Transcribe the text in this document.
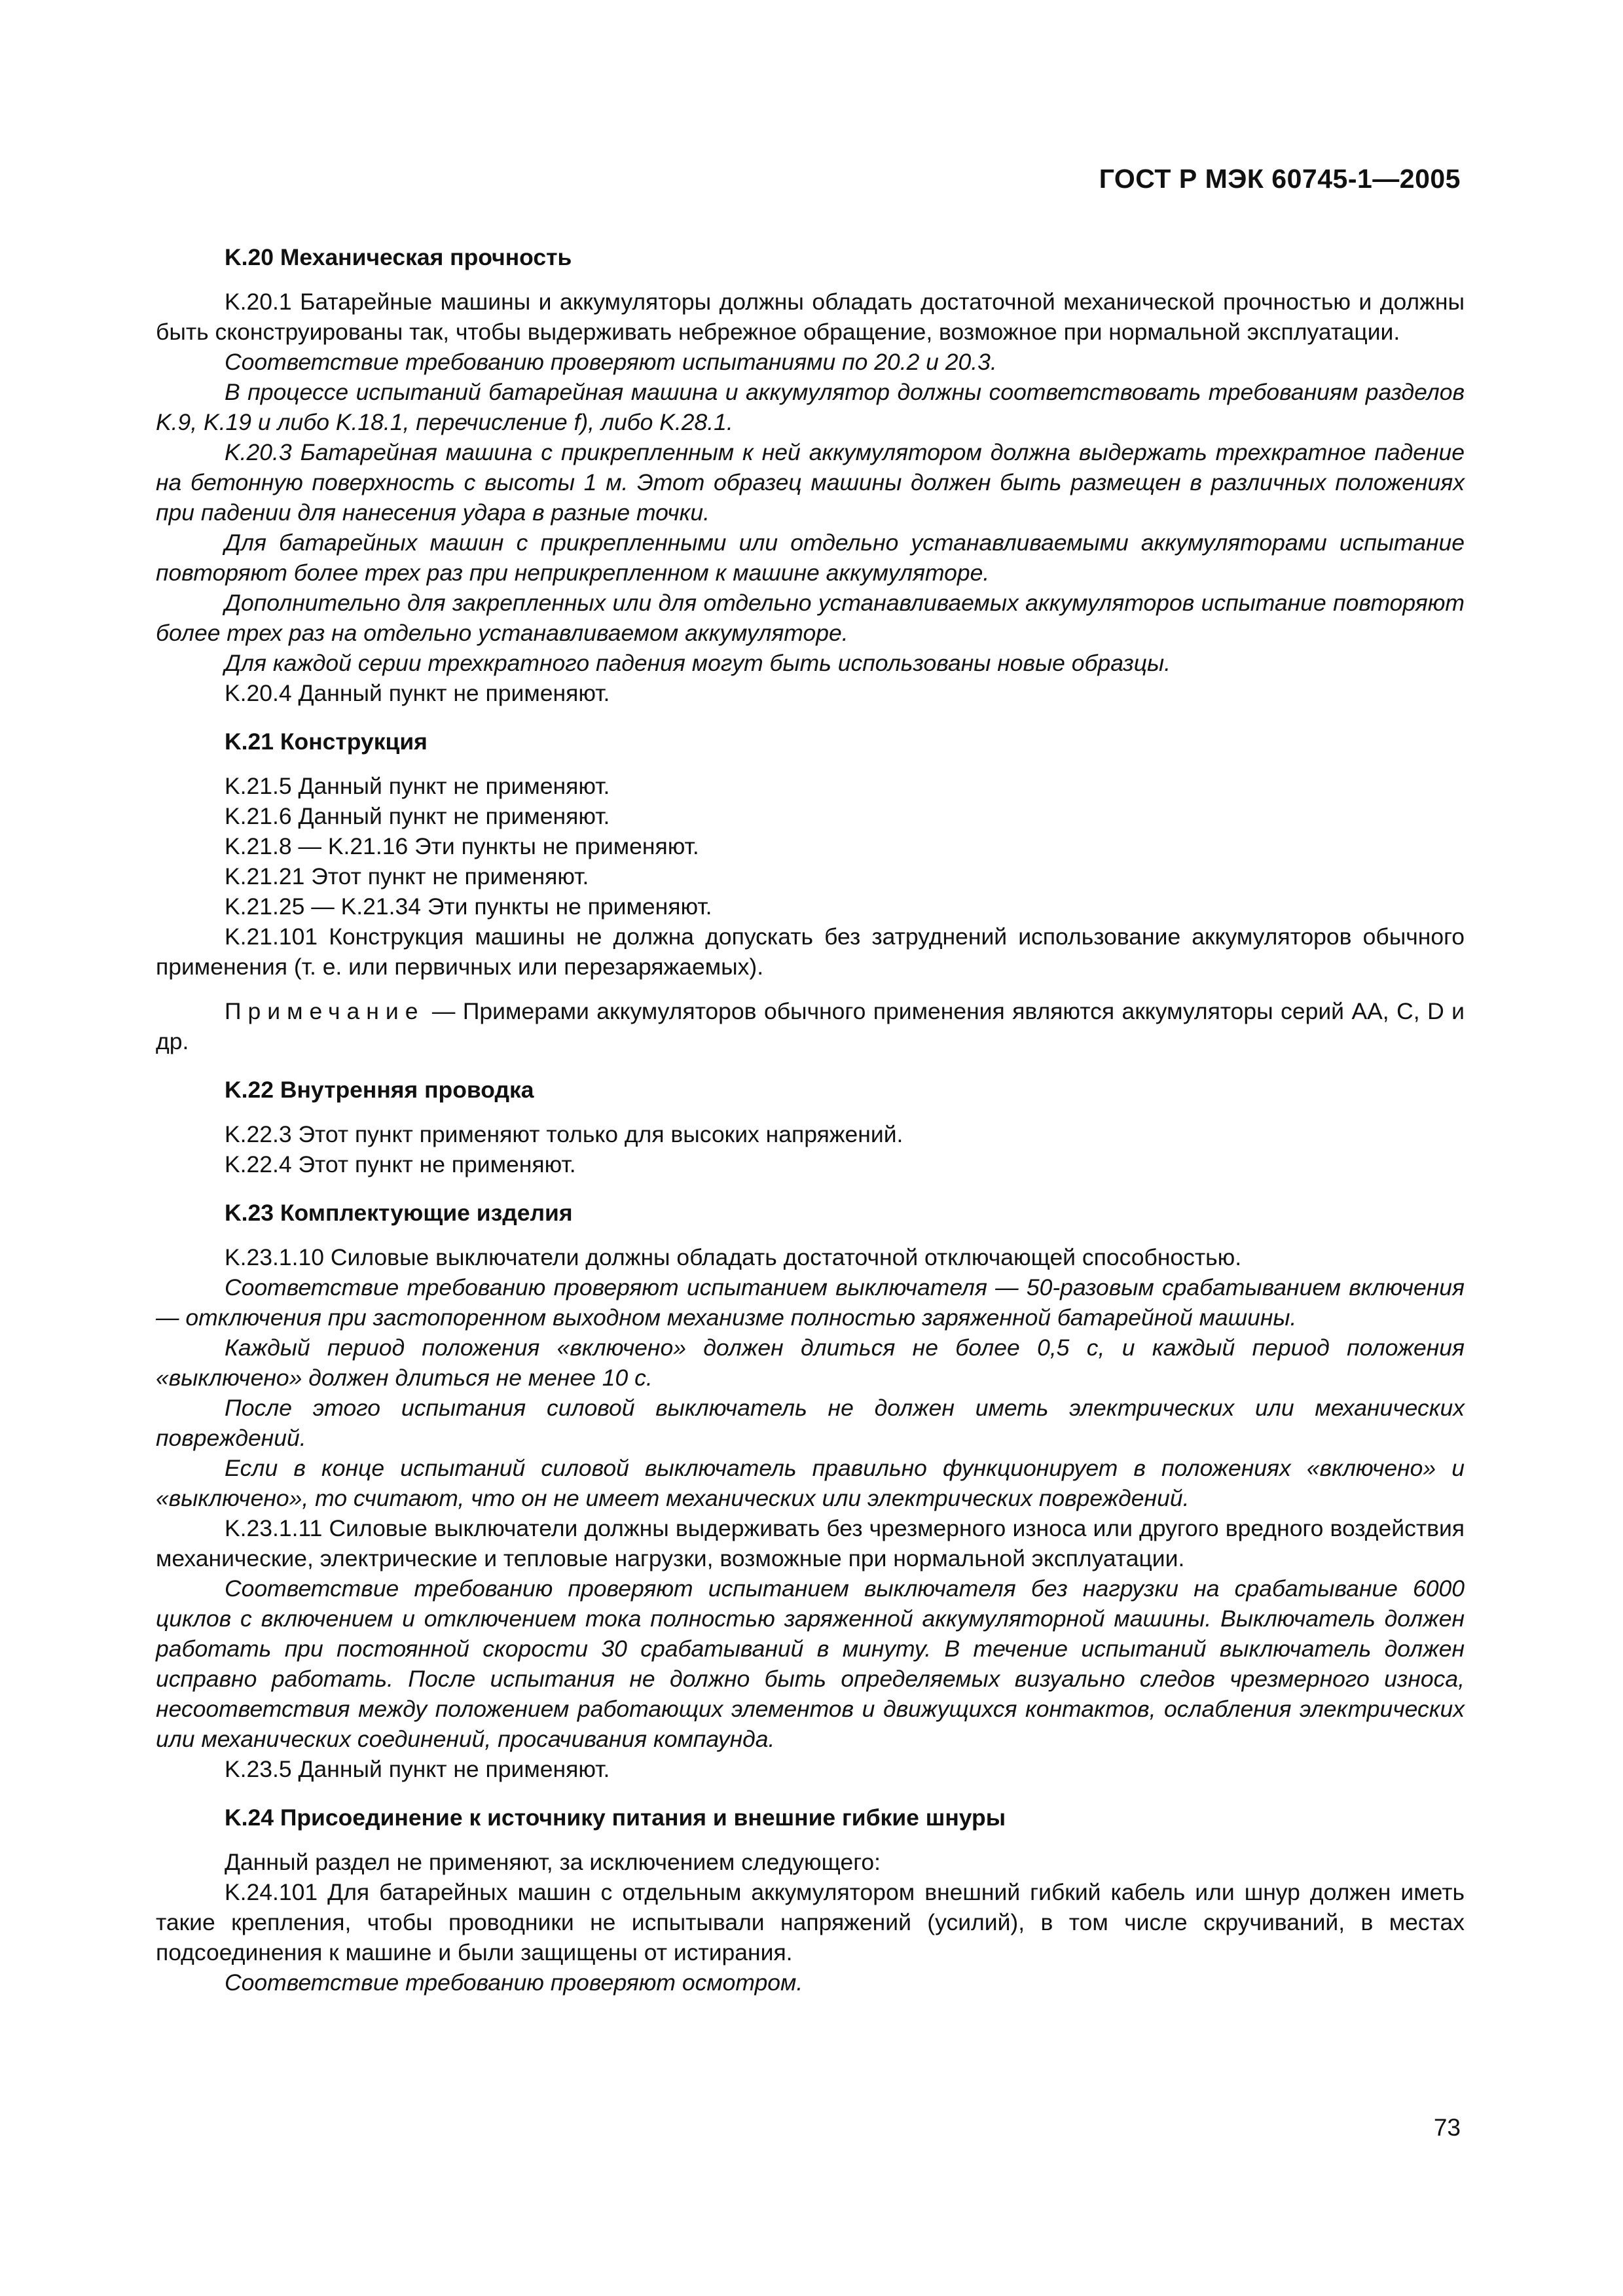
ГОСТ Р МЭК 60745-1—2005

K.20 Механическая прочность

K.20.1 Батарейные машины и аккумуляторы должны обладать достаточной механической прочностью и должны быть сконструированы так, чтобы выдерживать небрежное обращение, возможное при нормальной эксплуатации.

Соответствие требованию проверяют испытаниями по 20.2 и 20.3.

В процессе испытаний батарейная машина и аккумулятор должны соответствовать требованиям разделов K.9, K.19 и либо K.18.1, перечисление f), либо K.28.1.

K.20.3 Батарейная машина с прикрепленным к ней аккумулятором должна выдержать трехкратное падение на бетонную поверхность с высоты 1 м. Этот образец машины должен быть размещен в различных положениях при падении для нанесения удара в разные точки.

Для батарейных машин с прикрепленными или отдельно устанавливаемыми аккумуляторами испытание повторяют более трех раз при неприкрепленном к машине аккумуляторе.

Дополнительно для закрепленных или для отдельно устанавливаемых аккумуляторов испытание повторяют более трех раз на отдельно устанавливаемом аккумуляторе.

Для каждой серии трехкратного падения могут быть использованы новые образцы.

K.20.4 Данный пункт не применяют.

K.21 Конструкция

K.21.5 Данный пункт не применяют.

K.21.6 Данный пункт не применяют.

K.21.8 — K.21.16 Эти пункты не применяют.

K.21.21 Этот пункт не применяют.

K.21.25 — K.21.34 Эти пункты не применяют.

K.21.101 Конструкция машины не должна допускать без затруднений использование аккумуляторов обычного применения (т. е. или первичных или перезаряжаемых).

Примечание — Примерами аккумуляторов обычного применения являются аккумуляторы серий AA, C, D и др.

K.22 Внутренняя проводка

K.22.3 Этот пункт применяют только для высоких напряжений.

K.22.4 Этот пункт не применяют.

K.23 Комплектующие изделия

K.23.1.10 Силовые выключатели должны обладать достаточной отключающей способностью.

Соответствие требованию проверяют испытанием выключателя — 50-разовым срабатыванием включения — отключения при застопоренном выходном механизме полностью заряженной батарейной машины.

Каждый период положения «включено» должен длиться не более 0,5 с, и каждый период положения «выключено» должен длиться не менее 10 с.

После этого испытания силовой выключатель не должен иметь электрических или механических повреждений.

Если в конце испытаний силовой выключатель правильно функционирует в положениях «включено» и «выключено», то считают, что он не имеет механических или электрических повреждений.

K.23.1.11 Силовые выключатели должны выдерживать без чрезмерного износа или другого вредного воздействия механические, электрические и тепловые нагрузки, возможные при нормальной эксплуатации.

Соответствие требованию проверяют испытанием выключателя без нагрузки на срабатывание 6000 циклов с включением и отключением тока полностью заряженной аккумуляторной машины. Выключатель должен работать при постоянной скорости 30 срабатываний в минуту. В течение испытаний выключатель должен исправно работать. После испытания не должно быть определяемых визуально следов чрезмерного износа, несоответствия между положением работающих элементов и движущихся контактов, ослабления электрических или механических соединений, просачивания компаунда.

K.23.5 Данный пункт не применяют.

K.24 Присоединение к источнику питания и внешние гибкие шнуры

Данный раздел не применяют, за исключением следующего:

K.24.101 Для батарейных машин с отдельным аккумулятором внешний гибкий кабель или шнур должен иметь такие крепления, чтобы проводники не испытывали напряжений (усилий), в том числе скручиваний, в местах подсоединения к машине и были защищены от истирания.

Соответствие требованию проверяют осмотром.

73
